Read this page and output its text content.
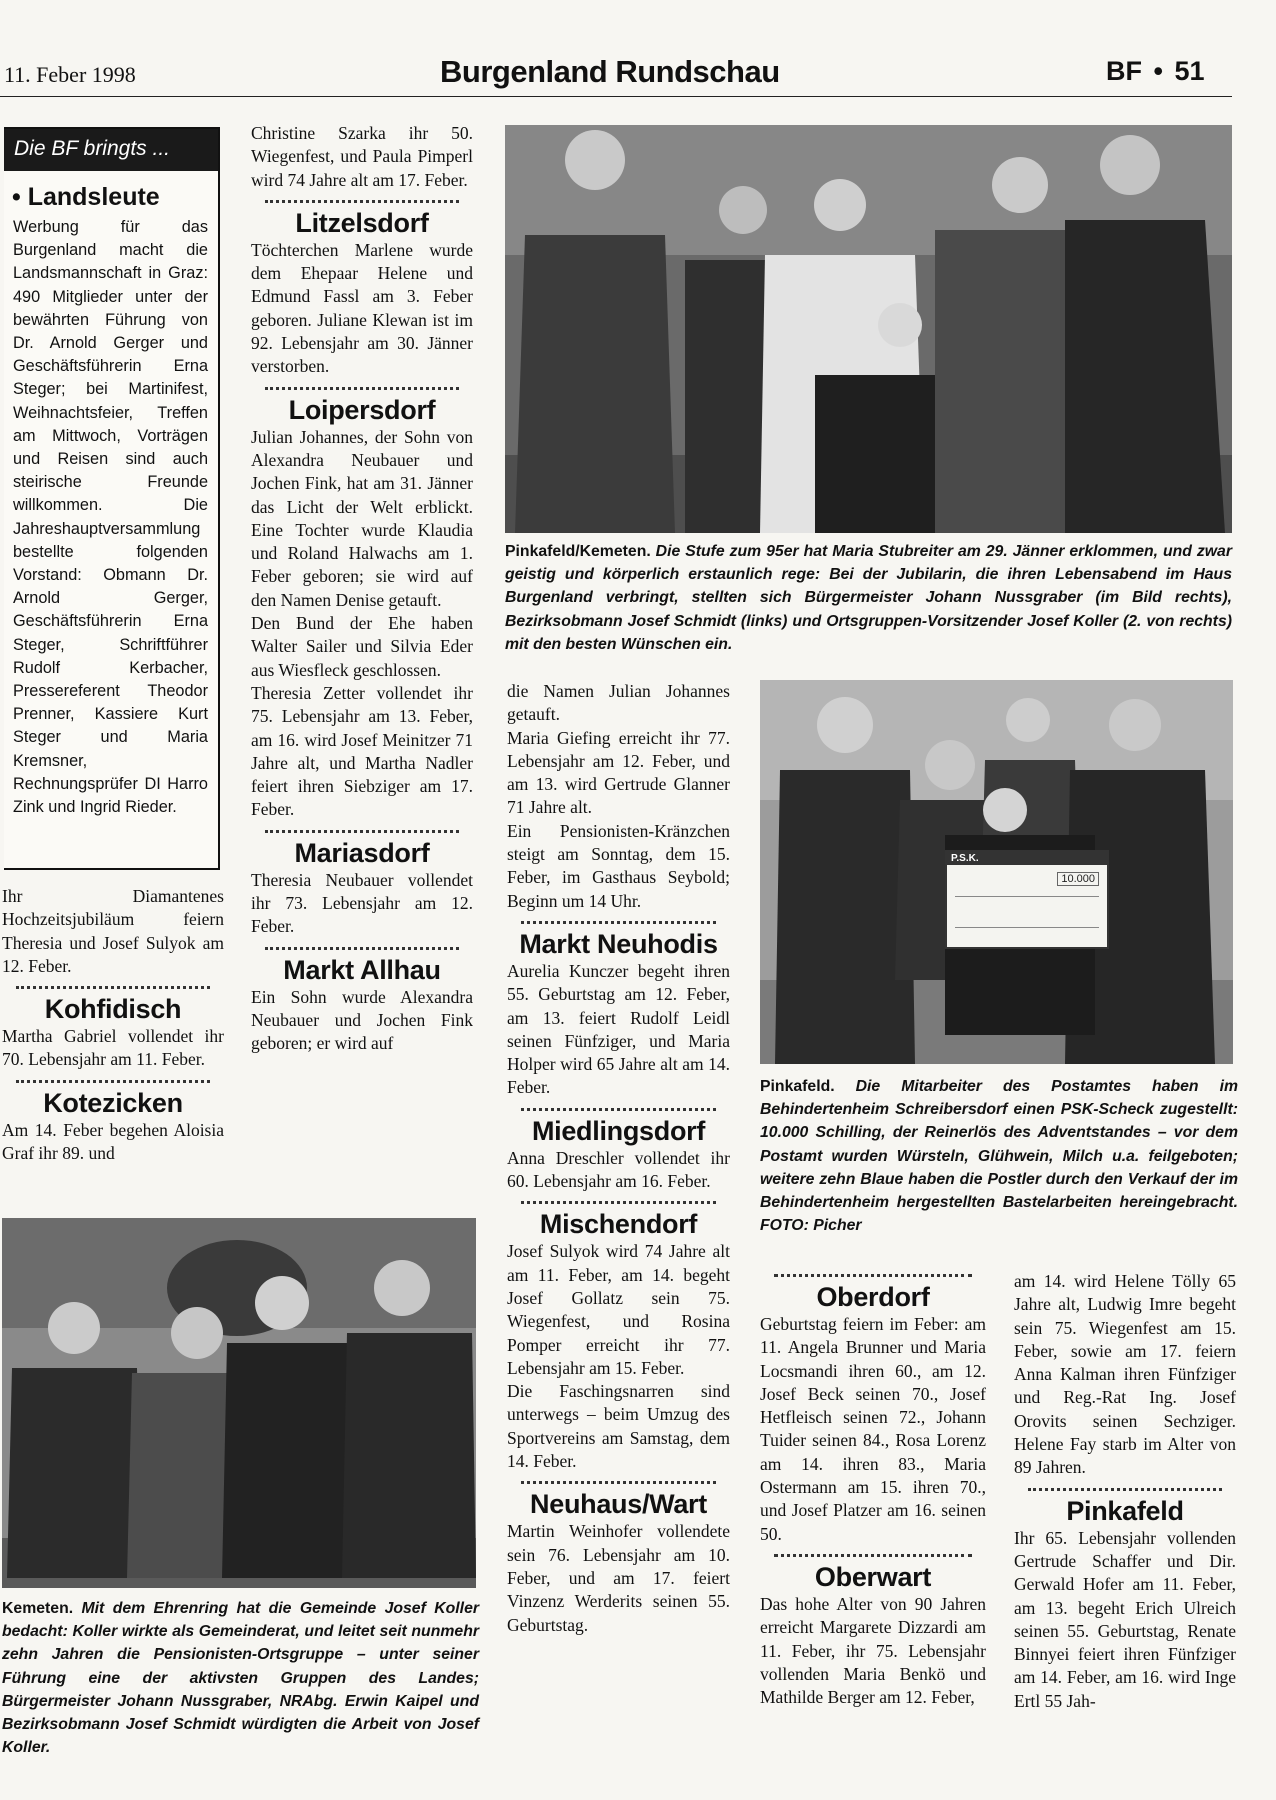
11. Feber 1998	Burgenland Rundschau	BF • 51
Die BF bringts ...
• Landsleute
Werbung für das Burgenland macht die Landsmannschaft in Graz: 490 Mitglieder unter der bewährten Führung von Dr. Arnold Gerger und Geschäftsführerin Erna Steger; bei Martinifest, Weihnachtsfeier, Treffen am Mittwoch, Vorträgen und Reisen sind auch steirische Freunde willkommen. Die Jahreshauptversammlung bestellte folgenden Vorstand: Obmann Dr. Arnold Gerger, Geschäftsführerin Erna Steger, Schriftführer Rudolf Kerbacher, Pressereferent Theodor Prenner, Kassiere Kurt Steger und Maria Kremsner, Rechnungsprüfer DI Harro Zink und Ingrid Rieder.

Ihr Diamantenes Hochzeitsjubiläum feiern Theresia und Josef Sulyok am 12. Feber.

Kohfidisch

Martha Gabriel vollendet ihr 70. Lebensjahr am 11. Feber.

Kotezicken

Am 14. Feber begehen Aloisia Graf ihr 89. und

Christine Szarka ihr 50. Wiegenfest, und Paula Pimperl wird 74 Jahre alt am 17. Feber.

Litzelsdorf

Töchterchen Marlene wurde dem Ehepaar Helene und Edmund Fassl am 3. Feber geboren. Juliane Klewan ist im 92. Lebensjahr am 30. Jänner verstorben.

Loipersdorf

Julian Johannes, der Sohn von Alexandra Neubauer und Jochen Fink, hat am 31. Jänner das Licht der Welt erblickt. Eine Tochter wurde Klaudia und Roland Halwachs am 1. Feber geboren; sie wird auf den Namen Denise getauft.

Den Bund der Ehe haben Walter Sailer und Silvia Eder aus Wiesfleck geschlossen.

Theresia Zetter vollendet ihr 75. Lebensjahr am 13. Feber, am 16. wird Josef Meinitzer 71 Jahre alt, und Martha Nadler feiert ihren Siebziger am 17. Feber.

Mariasdorf

Theresia Neubauer vollendet ihr 73. Lebensjahr am 12. Feber.

Markt Allhau

Ein Sohn wurde Alexandra Neubauer und Jochen Fink geboren; er wird auf

Pinkafeld/Kemeten. Die Stufe zum 95er hat Maria Stubreiter am 29. Jänner erklommen, und zwar geistig und körperlich erstaunlich rege: Bei der Jubilarin, die ihren Lebensabend im Haus Burgenland verbringt, stellten sich Bürgermeister Johann Nussgraber (im Bild rechts), Bezirksobmann Josef Schmidt (links) und Ortsgruppen-Vorsitzender Josef Koller (2. von rechts) mit den besten Wünschen ein.

die Namen Julian Johannes getauft.

Maria Giefing erreicht ihr 77. Lebensjahr am 12. Feber, und am 13. wird Gertrude Glanner 71 Jahre alt.

Ein Pensionisten-Kränzchen steigt am Sonntag, dem 15. Feber, im Gasthaus Seybold; Beginn um 14 Uhr.

Markt Neuhodis

Aurelia Kunczer begeht ihren 55. Geburtstag am 12. Feber, am 13. feiert Rudolf Leidl seinen Fünfziger, und Maria Holper wird 65 Jahre alt am 14. Feber.

Miedlingsdorf

Anna Dreschler vollendet ihr 60. Lebensjahr am 16. Feber.

Mischendorf

Josef Sulyok wird 74 Jahre alt am 11. Feber, am 14. begeht Josef Gollatz sein 75. Wiegenfest, und Rosina Pomper erreicht ihr 77. Lebensjahr am 15. Feber.

Die Faschingsnarren sind unterwegs – beim Umzug des Sportvereins am Samstag, dem 14. Feber.

Neuhaus/Wart

Martin Weinhofer vollendete sein 76. Lebensjahr am 10. Feber, und am 17. feiert Vinzenz Werderits seinen 55. Geburtstag.

P.S.K.
10.000
Pinkafeld. Die Mitarbeiter des Postamtes haben im Behindertenheim Schreibersdorf einen PSK-Scheck zugestellt: 10.000 Schilling, der Reinerlös des Adventstandes – vor dem Postamt wurden Würsteln, Glühwein, Milch u.a. feilgeboten; weitere zehn Blaue haben die Postler durch den Verkauf der im Behindertenheim hergestellten Bastelarbeiten hereingebracht. FOTO: Picher
Oberdorf

Geburtstag feiern im Feber: am 11. Angela Brunner und Maria Locsmandi ihren 60., am 12. Josef Beck seinen 70., Josef Hetfleisch seinen 72., Johann Tuider seinen 84., Rosa Lorenz am 14. ihren 83., Maria Ostermann am 15. ihren 70., und Josef Platzer am 16. seinen 50.

Oberwart

Das hohe Alter von 90 Jahren erreicht Margarete Dizzardi am 11. Feber, ihr 75. Lebensjahr vollenden Maria Benkö und Mathilde Berger am 12. Feber,

am 14. wird Helene Tölly 65 Jahre alt, Ludwig Imre begeht sein 75. Wiegenfest am 15. Feber, sowie am 17. feiern Anna Kalman ihren Fünfziger und Reg.-Rat Ing. Josef Orovits seinen Sechziger. Helene Fay starb im Alter von 89 Jahren.

Pinkafeld

Ihr 65. Lebensjahr vollenden Gertrude Schaffer und Dir. Gerwald Hofer am 11. Feber, am 13. begeht Erich Ulreich seinen 55. Geburtstag, Renate Binnyei feiert ihren Fünfziger am 14. Feber, am 16. wird Inge Ertl 55 Jah-

Kemeten. Mit dem Ehrenring hat die Gemeinde Josef Koller bedacht: Koller wirkte als Gemeinderat, und leitet seit nunmehr zehn Jahren die Pensionisten-Ortsgruppe – unter seiner Führung eine der aktivsten Gruppen des Landes; Bürgermeister Johann Nussgraber, NRAbg. Erwin Kaipel und Bezirksobmann Josef Schmidt würdigten die Arbeit von Josef Koller.
